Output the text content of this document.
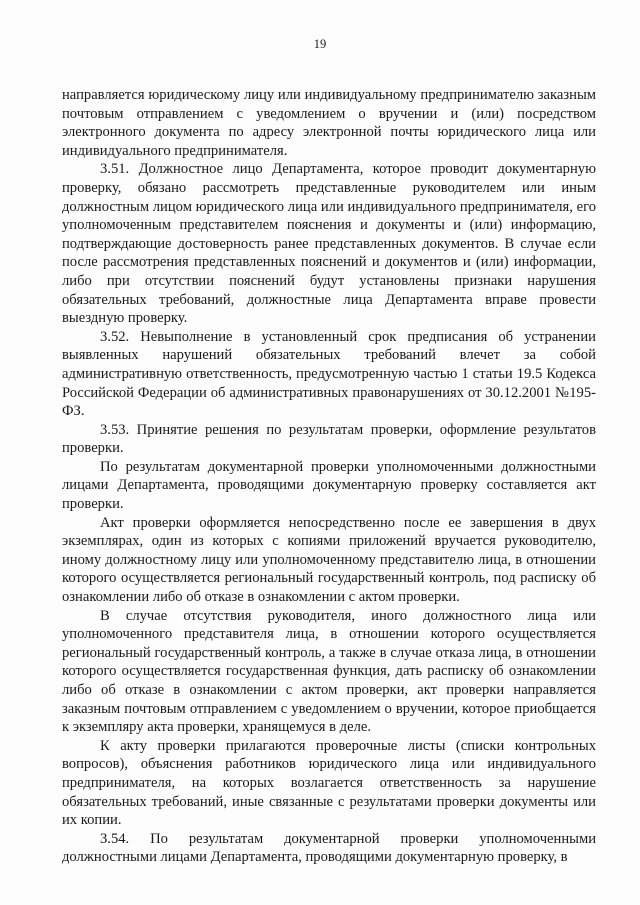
19

направляется юридическому лицу или индивидуальному предпринимателю заказным почтовым отправлением с уведомлением о вручении и (или) посредством электронного документа по адресу электронной почты юридического лица или индивидуального предпринимателя.

3.51. Должностное лицо Департамента, которое проводит документарную проверку, обязано рассмотреть представленные руководителем или иным должностным лицом юридического лица или индивидуального предпринимателя, его уполномоченным представителем пояснения и документы и (или) информацию, подтверждающие достоверность ранее представленных документов. В случае если после рассмотрения представленных пояснений и документов и (или) информации, либо при отсутствии пояснений будут установлены признаки нарушения обязательных требований, должностные лица Департамента вправе провести выездную проверку.

3.52. Невыполнение в установленный срок предписания об устранении выявленных нарушений обязательных требований влечет за собой административную ответственность, предусмотренную частью 1 статьи 19.5 Кодекса Российской Федерации об административных правонарушениях от 30.12.2001 №195-ФЗ.

3.53. Принятие решения по результатам проверки, оформление результатов проверки.

По результатам документарной проверки уполномоченными должностными лицами Департамента, проводящими документарную проверку составляется акт проверки.

Акт проверки оформляется непосредственно после ее завершения в двух экземплярах, один из которых с копиями приложений вручается руководителю, иному должностному лицу или уполномоченному представителю лица, в отношении которого осуществляется региональный государственный контроль, под расписку об ознакомлении либо об отказе в ознакомлении с актом проверки.

В случае отсутствия руководителя, иного должностного лица или уполномоченного представителя лица, в отношении которого осуществляется региональный государственный контроль, а также в случае отказа лица, в отношении которого осуществляется государственная функция, дать расписку об ознакомлении либо об отказе в ознакомлении с актом проверки, акт проверки направляется заказным почтовым отправлением с уведомлением о вручении, которое приобщается к экземпляру акта проверки, хранящемуся в деле.

К акту проверки прилагаются проверочные листы (списки контрольных вопросов), объяснения работников юридического лица или индивидуального предпринимателя, на которых возлагается ответственность за нарушение обязательных требований, иные связанные с результатами проверки документы или их копии.

3.54. По результатам документарной проверки уполномоченными должностными лицами Департамента, проводящими документарную проверку, в
